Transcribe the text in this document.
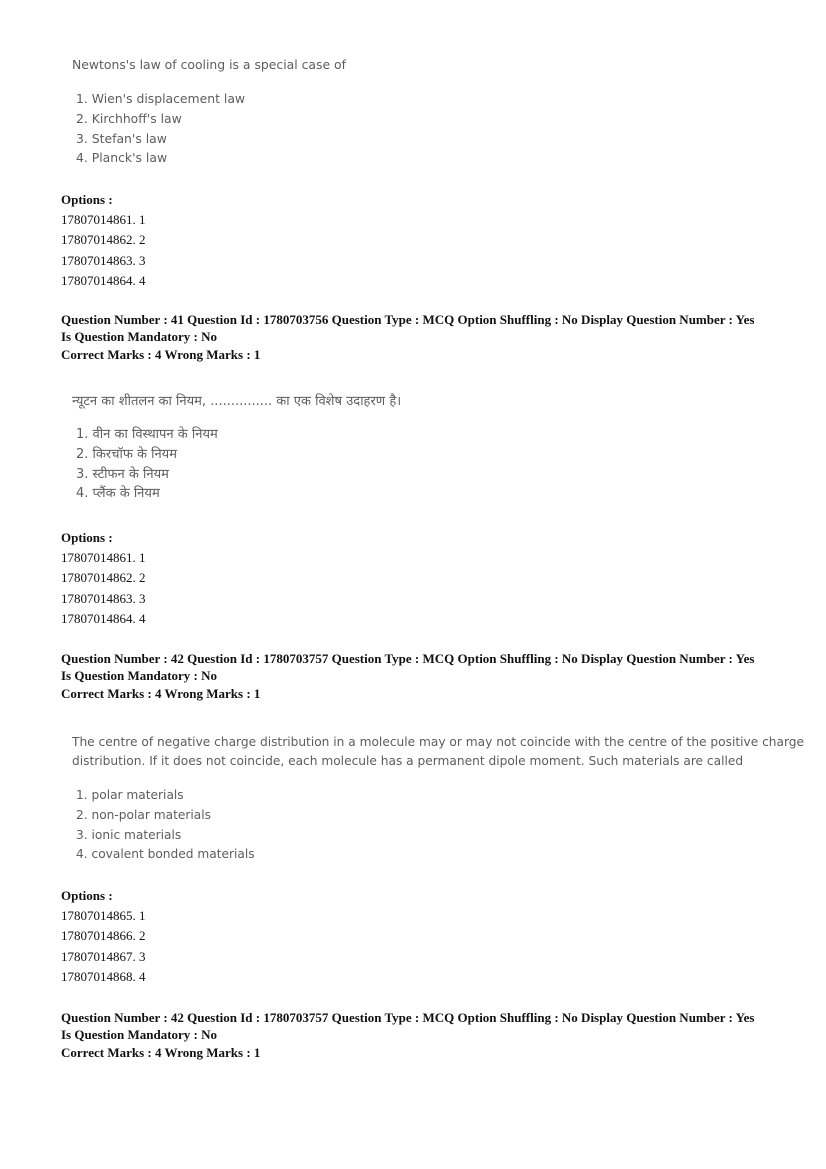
Newtons's law of cooling is a special case of

1. Wien's displacement law
2. Kirchhoff's law
3. Stefan's law
4. Planck's law
Options :
17807014861. 1
17807014862. 2
17807014863. 3
17807014864. 4
Question Number : 41 Question Id : 1780703756 Question Type : MCQ Option Shuffling : No Display Question Number : Yes
Is Question Mandatory : No
Correct Marks : 4 Wrong Marks : 1

न्यूटन का शीतलन का नियम, ............... का एक विशेष उदाहरण है।

1. वीन का विस्थापन के नियम
2. किरचॉफ के नियम
3. स्टीफन के नियम
4. प्लैंक के नियम
Options :
17807014861. 1
17807014862. 2
17807014863. 3
17807014864. 4
Question Number : 42 Question Id : 1780703757 Question Type : MCQ Option Shuffling : No Display Question Number : Yes
Is Question Mandatory : No
Correct Marks : 4 Wrong Marks : 1

The centre of negative charge distribution in a molecule may or may not coincide with the centre of the positive charge

distribution. If it does not coincide, each molecule has a permanent dipole moment. Such materials are called

1. polar materials
2. non-polar materials
3. ionic materials
4. covalent bonded materials
Options :
17807014865. 1
17807014866. 2
17807014867. 3
17807014868. 4
Question Number : 42 Question Id : 1780703757 Question Type : MCQ Option Shuffling : No Display Question Number : Yes
Is Question Mandatory : No
Correct Marks : 4 Wrong Marks : 1
